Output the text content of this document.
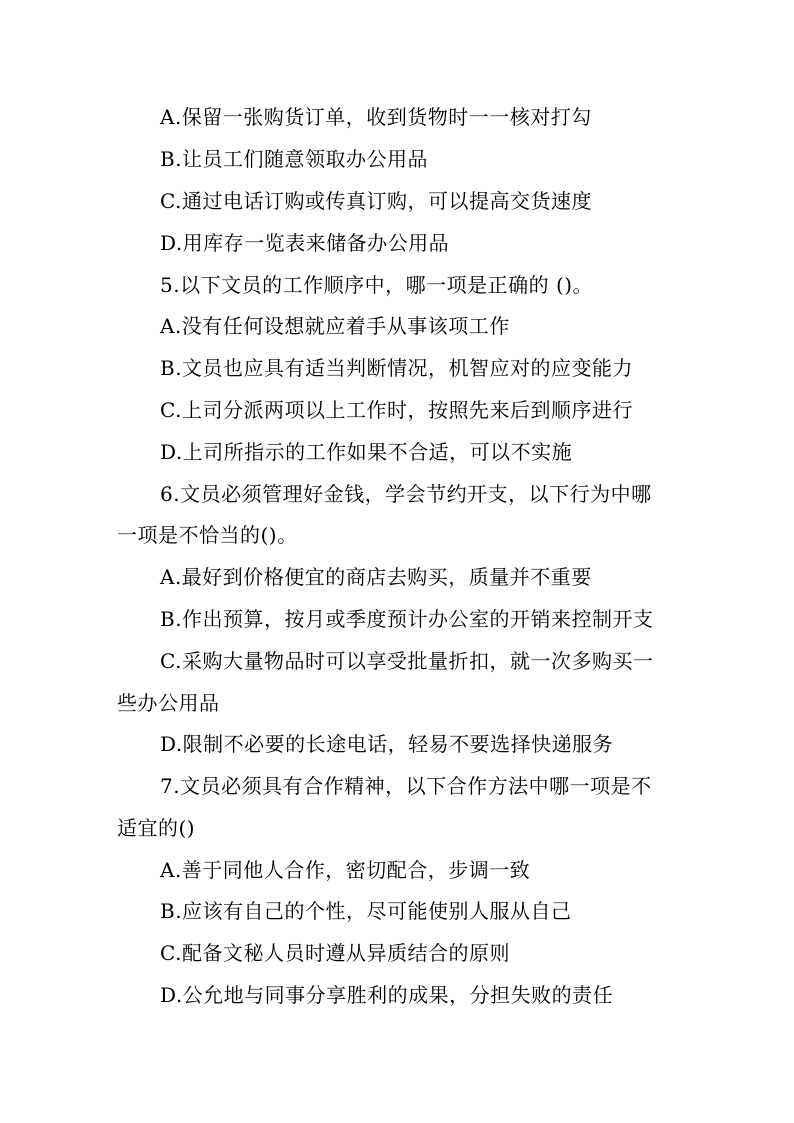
A.保留一张购货订单，收到货物时一一核对打勾
B.让员工们随意领取办公用品
C.通过电话订购或传真订购，可以提高交货速度
D.用库存一览表来储备办公用品
5.以下文员的工作顺序中，哪一项是正确的 ()。
A.没有任何设想就应着手从事该项工作
B.文员也应具有适当判断情况，机智应对的应变能力
C.上司分派两项以上工作时，按照先来后到顺序进行
D.上司所指示的工作如果不合适，可以不实施
6.文员必须管理好金钱，学会节约开支，以下行为中哪
一项是不恰当的()。
A.最好到价格便宜的商店去购买，质量并不重要
B.作出预算，按月或季度预计办公室的开销来控制开支
C.采购大量物品时可以享受批量折扣，就一次多购买一
些办公用品
D.限制不必要的长途电话，轻易不要选择快递服务
7.文员必须具有合作精神，以下合作方法中哪一项是不
适宜的()
A.善于同他人合作，密切配合，步调一致
B.应该有自己的个性，尽可能使别人服从自己
C.配备文秘人员时遵从异质结合的原则
D.公允地与同事分享胜利的成果，分担失败的责任
